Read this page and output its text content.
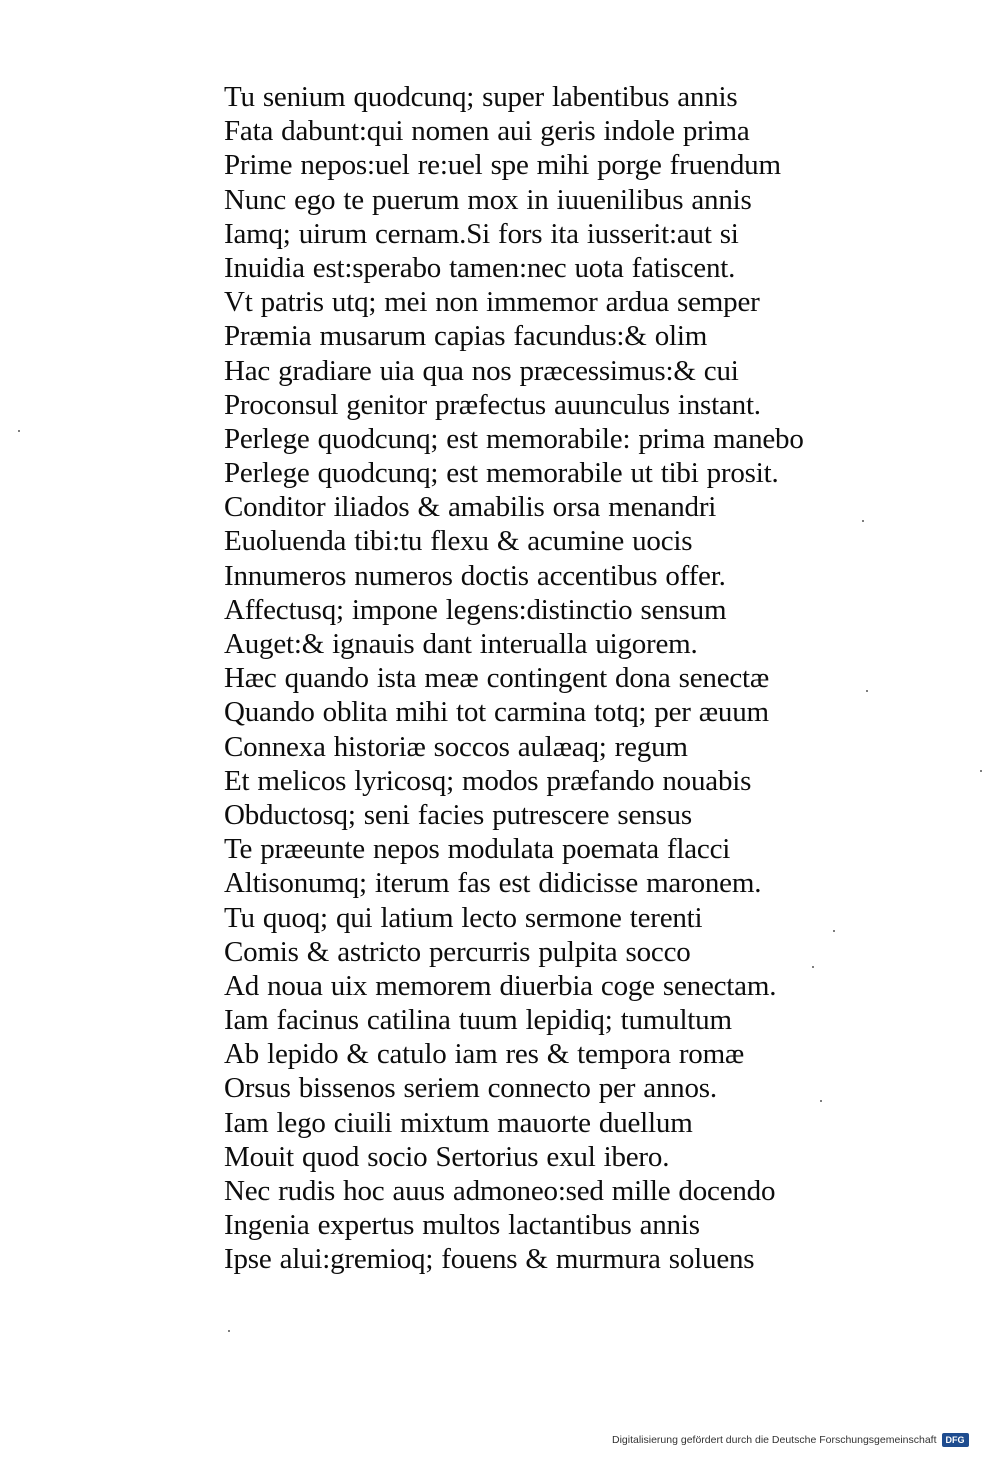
Tu senium quodcunq; super labentibus annis
Fata dabunt:qui nomen aui geris indole prima
Prime nepos:uel re:uel spe mihi porge fruendum
Nunc ego te puerum mox in iuuenilibus annis
Iamq; uirum cernam.Si fors ita iusserit:aut si
Inuidia est:sperabo tamen:nec uota fatiscent.
Vt patris utq; mei non immemor ardua semper
Præmia musarum capias facundus:& olim
Hac gradiare uia qua nos præcessimus:& cui
Proconsul genitor præfectus auunculus instant.
Perlege quodcunq; est memorabile: prima manebo
Perlege quodcunq; est memorabile ut tibi prosit.
Conditor iliados & amabilis orsa menandri
Euoluenda tibi:tu flexu & acumine uocis
Innumeros numeros doctis accentibus offer.
Affectusq; impone legens:distinctio sensum
Auget:& ignauis dant interualla uigorem.
Hæc quando ista meæ contingent dona senectæ
Quando oblita mihi tot carmina totq; per æuum
Connexa historiæ soccos aulæaq; regum
Et melicos lyricosq; modos præfando nouabis
Obductosq; seni facies putrescere sensus
Te præeunte nepos modulata poemata flacci
Altisonumq; iterum fas est didicisse maronem.
Tu quoq; qui latium lecto sermone terenti
Comis & astricto percurris pulpita socco
Ad noua uix memorem diuerbia coge senectam.
Iam facinus catilina tuum lepidiq; tumultum
Ab lepido & catulo iam res & tempora romæ
Orsus bissenos seriem connecto per annos.
Iam lego ciuili mixtum mauorte duellum
Mouit quod socio Sertorius exul ibero.
Nec rudis hoc auus admoneo:sed mille docendo
Ingenia expertus multos lactantibus annis
Ipse alui:gremioq; fouens & murmura soluens
Digitalisierung gefördert durch die Deutsche Forschungsgemeinschaft	DFG
